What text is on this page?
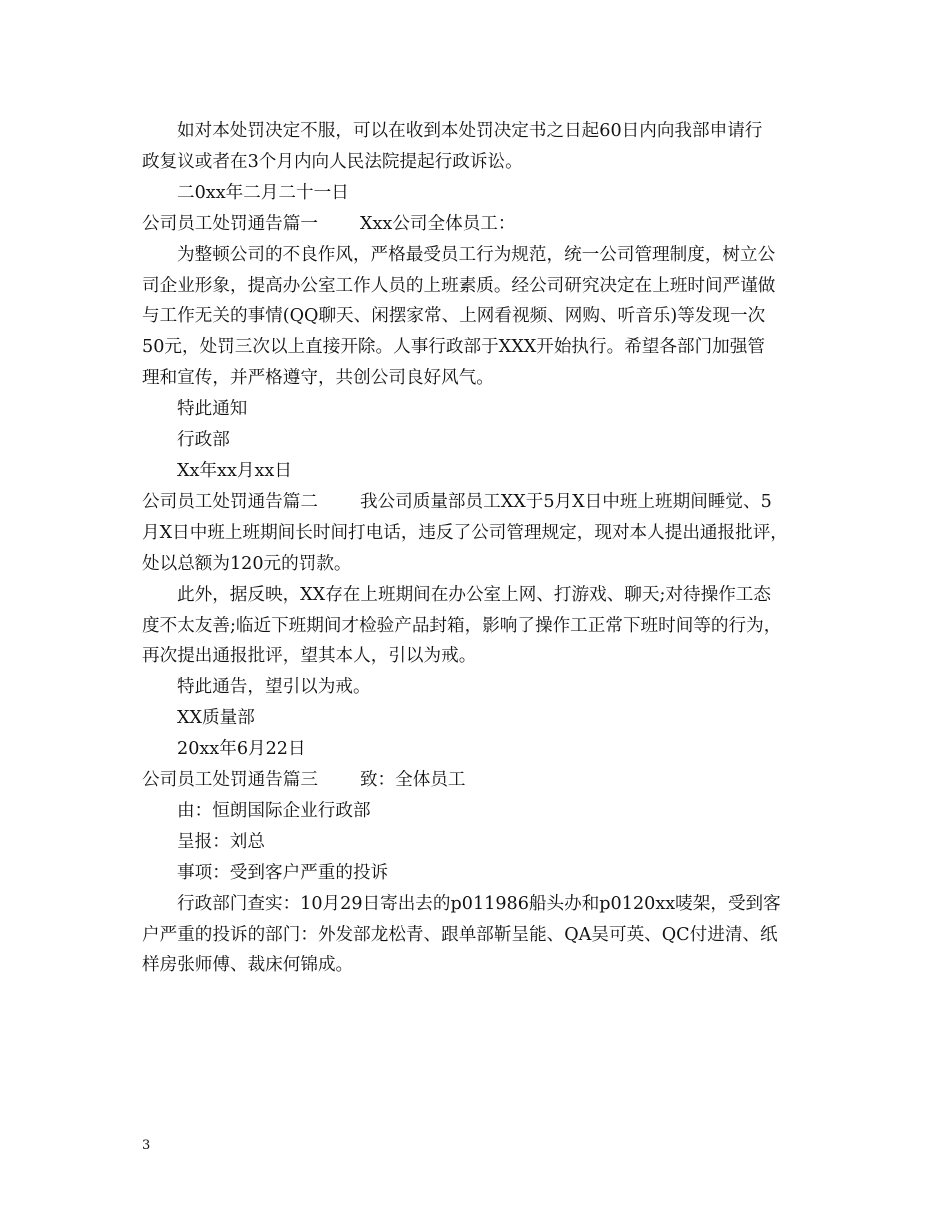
如对本处罚决定不服，可以在收到本处罚决定书之日起60日内向我部申请行
政复议或者在3个月内向人民法院提起行政诉讼。
二0xx年二月二十一日
公司员工处罚通告篇一 Xxx公司全体员工：
为整顿公司的不良作风，严格最受员工行为规范，统一公司管理制度，树立公
司企业形象，提高办公室工作人员的上班素质。经公司研究决定在上班时间严谨做
与工作无关的事情(QQ聊天、闲摆家常、上网看视频、网购、听音乐)等发现一次
50元，处罚三次以上直接开除。人事行政部于XXX开始执行。希望各部门加强管
理和宣传，并严格遵守，共创公司良好风气。
特此通知
行政部
Xx年xx月xx日
公司员工处罚通告篇二 我公司质量部员工XX于5月X日中班上班期间睡觉、5
月X日中班上班期间长时间打电话，违反了公司管理规定，现对本人提出通报批评，
处以总额为120元的罚款。
此外，据反映，XX存在上班期间在办公室上网、打游戏、聊天;对待操作工态
度不太友善;临近下班期间才检验产品封箱，影响了操作工正常下班时间等的行为，
再次提出通报批评，望其本人，引以为戒。
特此通告，望引以为戒。
XX质量部
20xx年6月22日
公司员工处罚通告篇三 致：全体员工
由：恒朗国际企业行政部
呈报：刘总
事项：受到客户严重的投诉
行政部门查实：10月29日寄出去的p011986船头办和p0120xx唛架，受到客
户严重的投诉的部门：外发部龙松青、跟单部靳呈能、QA吴可英、QC付进清、纸
样房张师傅、裁床何锦成。
3
